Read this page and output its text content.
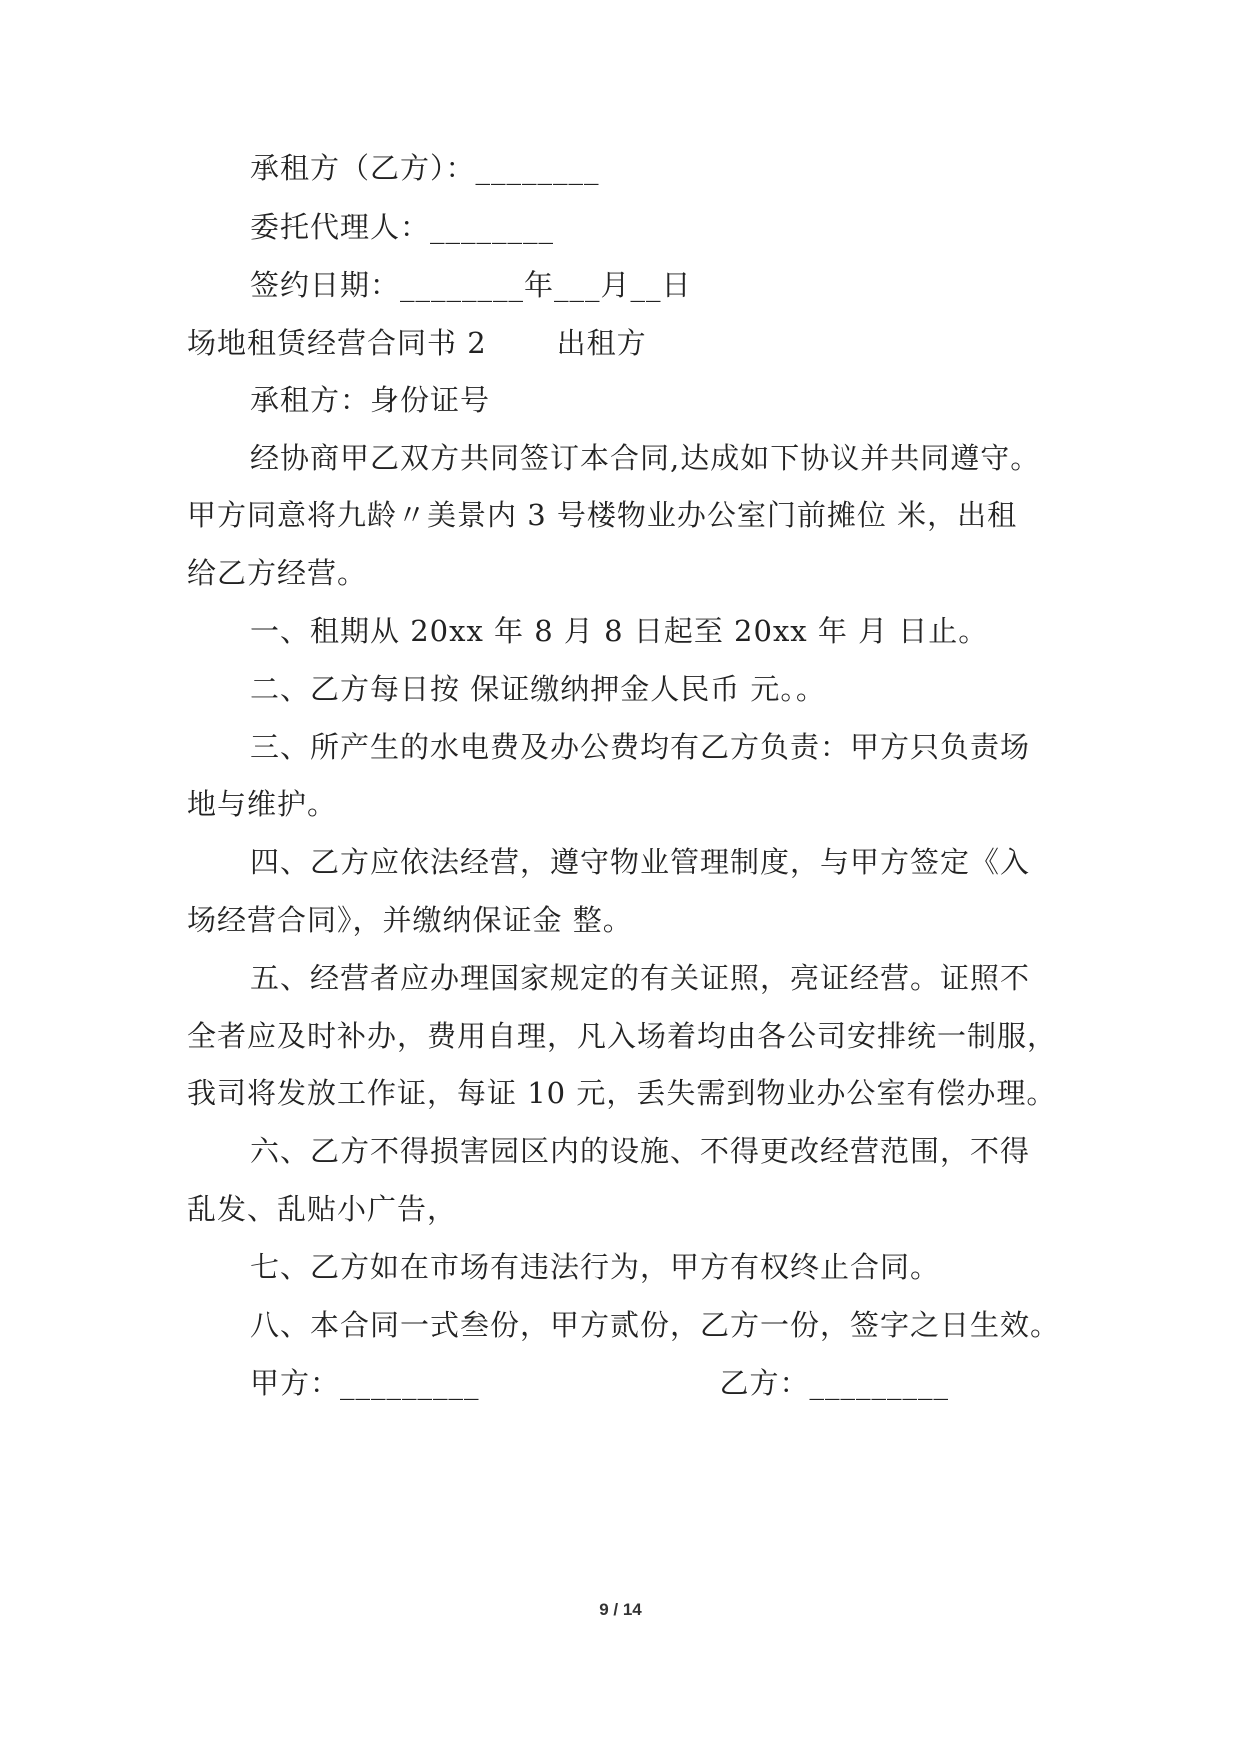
承租方（乙方）：________
委托代理人：________
签约日期：________年___月__日
场地租赁经营合同书 2 出租方
承租方：身份证号
经协商甲乙双方共同签订本合同,达成如下协议并共同遵守。
甲方同意将九龄〃美景内 3 号楼物业办公室门前摊位 米，出租
给乙方经营。
一、租期从 20xx 年 8 月 8 日起至 20xx 年 月 日止。
二、乙方每日按 保证缴纳押金人民币 元。。
三、所产生的水电费及办公费均有乙方负责：甲方只负责场
地与维护。
四、乙方应依法经营，遵守物业管理制度，与甲方签定《入
场经营合同》，并缴纳保证金 整。
五、经营者应办理国家规定的有关证照，亮证经营。证照不
全者应及时补办，费用自理，凡入场着均由各公司安排统一制服，
我司将发放工作证，每证 10 元，丢失需到物业办公室有偿办理。
六、乙方不得损害园区内的设施、不得更改经营范围，不得
乱发、乱贴小广告，
七、乙方如在市场有违法行为，甲方有权终止合同。
八、本合同一式叁份，甲方贰份，乙方一份，签字之日生效。
甲方：_________	乙方：_________
9 / 14
